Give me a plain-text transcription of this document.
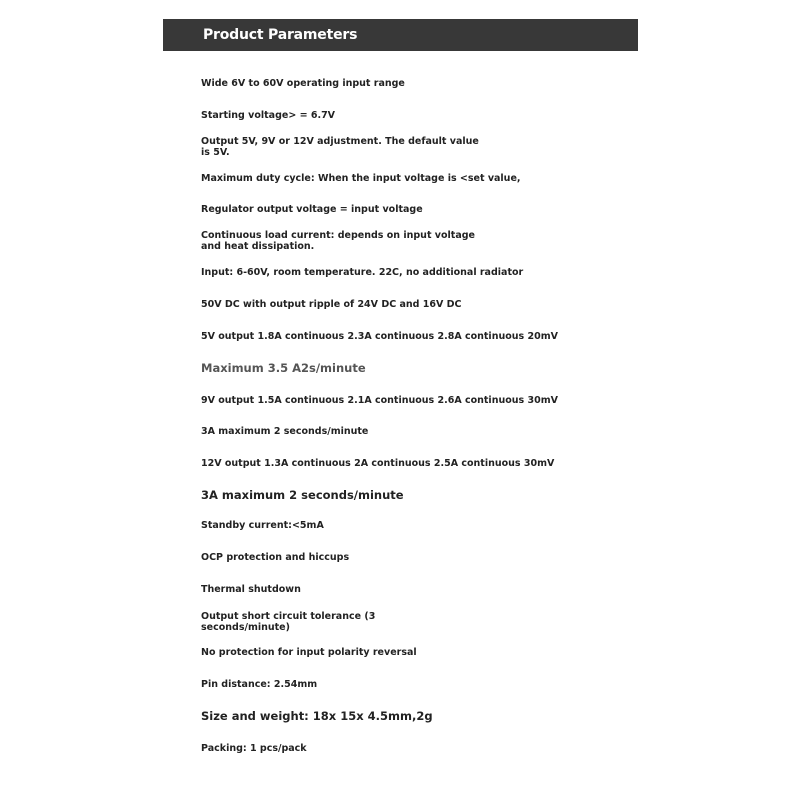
Product Parameters
Wide 6V to 60V operating input range
Starting voltage> = 6.7V
Output 5V, 9V or 12V adjustment. The default value
is 5V.
Maximum duty cycle: When the input voltage is <set value,
Regulator output voltage = input voltage
Continuous load current: depends on input voltage
and heat dissipation.
Input: 6-60V, room temperature. 22C, no additional radiator
50V DC with output ripple of 24V DC and 16V DC
5V output 1.8A continuous 2.3A continuous 2.8A continuous 20mV
Maximum 3.5 A2s/minute
9V output 1.5A continuous 2.1A continuous 2.6A continuous 30mV
3A maximum 2 seconds/minute
12V output 1.3A continuous 2A continuous 2.5A continuous 30mV
3A maximum 2 seconds/minute
Standby current:<5mA
OCP protection and hiccups
Thermal shutdown
Output short circuit tolerance (3
seconds/minute)
No protection for input polarity reversal
Pin distance: 2.54mm
Size and weight: 18x 15x 4.5mm,2g
Packing: 1 pcs/pack
